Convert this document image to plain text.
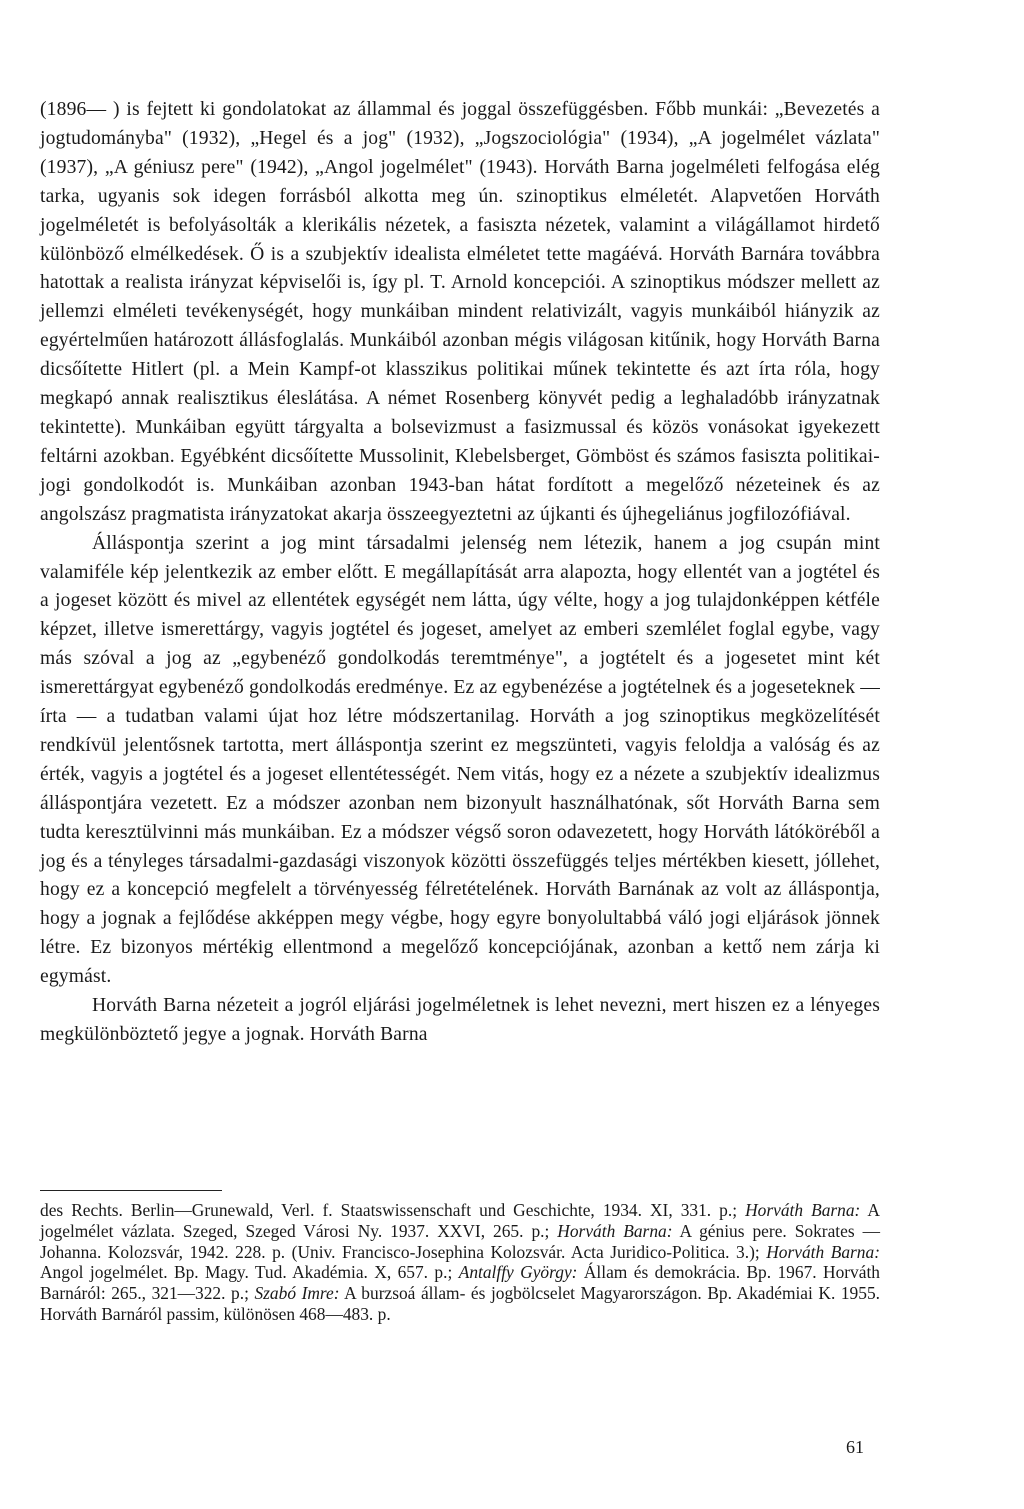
(1896— ) is fejtett ki gondolatokat az állammal és joggal összefüggésben. Főbb munkái: „Bevezetés a jogtudományba" (1932), „Hegel és a jog" (1932), „Jogszociológia" (1934), „A jogelmélet vázlata" (1937), „A géniusz pere" (1942), „Angol jogelmélet" (1943). Horváth Barna jogelméleti felfogása elég tarka, ugyanis sok idegen forrásból alkotta meg ún. szinoptikus elméletét. Alapvetően Horváth jogelméletét is befolyásolták a klerikális nézetek, a fasiszta nézetek, valamint a világállamot hirdető különböző elmélkedések. Ő is a szubjektív idealista elméletet tette magáévá. Horváth Barnára továbbra hatottak a realista irányzat képviselői is, így pl. T. Arnold koncepciói. A szinoptikus módszer mellett az jellemzi elméleti tevékenységét, hogy munkáiban mindent relativizált, vagyis munkáiból hiányzik az egyértelműen határozott állásfoglalás. Munkáiból azonban mégis világosan kitűnik, hogy Horváth Barna dicsőítette Hitlert (pl. a Mein Kampf-ot klasszikus politikai műnek tekintette és azt írta róla, hogy megkapó annak realisztikus éleslátása. A német Rosenberg könyvét pedig a leghaladóbb irányzatnak tekintette). Munkáiban együtt tárgyalta a bolsevizmust a fasizmussal és közös vonásokat igyekezett feltárni azokban. Egyébként dicsőítette Mussolinit, Klebelsberget, Gömböst és számos fasiszta politikai-jogi gondolkodót is. Munkáiban azonban 1943-ban hátat fordított a megelőző nézeteinek és az angolszász pragmatista irányzatokat akarja összeegyeztetni az újkanti és újhegeliánus jogfilozófiával.

Álláspontja szerint a jog mint társadalmi jelenség nem létezik, hanem a jog csupán mint valamiféle kép jelentkezik az ember előtt. E megállapítását arra alapozta, hogy ellentét van a jogtétel és a jogeset között és mivel az ellentétek egységét nem látta, úgy vélte, hogy a jog tulajdonképpen kétféle képzet, illetve ismerettárgy, vagyis jogtétel és jogeset, amelyet az emberi szemlélet foglal egybe, vagy más szóval a jog az „egybenéző gondolkodás teremtménye", a jogtételt és a jogesetet mint két ismerettárgyat egybenéző gondolkodás eredménye. Ez az egybenézése a jogtételnek és a jogeseteknek — írta — a tudatban valami újat hoz létre módszertanilag. Horváth a jog szinoptikus megközelítését rendkívül jelentősnek tartotta, mert álláspontja szerint ez megszünteti, vagyis feloldja a valóság és az érték, vagyis a jogtétel és a jogeset ellentétességét. Nem vitás, hogy ez a nézete a szubjektív idealizmus álláspontjára vezetett. Ez a módszer azonban nem bizonyult használhatónak, sőt Horváth Barna sem tudta keresztülvinni más munkáiban. Ez a módszer végső soron odavezetett, hogy Horváth látóköréből a jog és a tényleges társadalmi-gazdasági viszonyok közötti összefüggés teljes mértékben kiesett, jóllehet, hogy ez a koncepció megfelelt a törvényesség félretételének. Horváth Barnának az volt az álláspontja, hogy a jognak a fejlődése akképpen megy végbe, hogy egyre bonyolultabbá váló jogi eljárások jönnek létre. Ez bizonyos mértékig ellentmond a megelőző koncepciójának, azonban a kettő nem zárja ki egymást.

Horváth Barna nézeteit a jogról eljárási jogelméletnek is lehet nevezni, mert hiszen ez a lényeges megkülönböztető jegye a jognak. Horváth Barna

des Rechts. Berlin—Grunewald, Verl. f. Staatswissenschaft und Geschichte, 1934. XI, 331. p.; Horváth Barna: A jogelmélet vázlata. Szeged, Szeged Városi Ny. 1937. XXVI, 265. p.; Horváth Barna: A génius pere. Sokrates — Johanna. Kolozsvár, 1942. 228. p. (Univ. Francisco-Josephina Kolozsvár. Acta Juridico-Politica. 3.); Horváth Barna: Angol jogelmélet. Bp. Magy. Tud. Akadémia. X, 657. p.; Antalffy György: Állam és demokrácia. Bp. 1967. Horváth Barnáról: 265., 321—322. p.; Szabó Imre: A burzsoá állam- és jogbölcselet Magyarországon. Bp. Akadémiai K. 1955. Horváth Barnáról passim, különösen 468—483. p.
61
